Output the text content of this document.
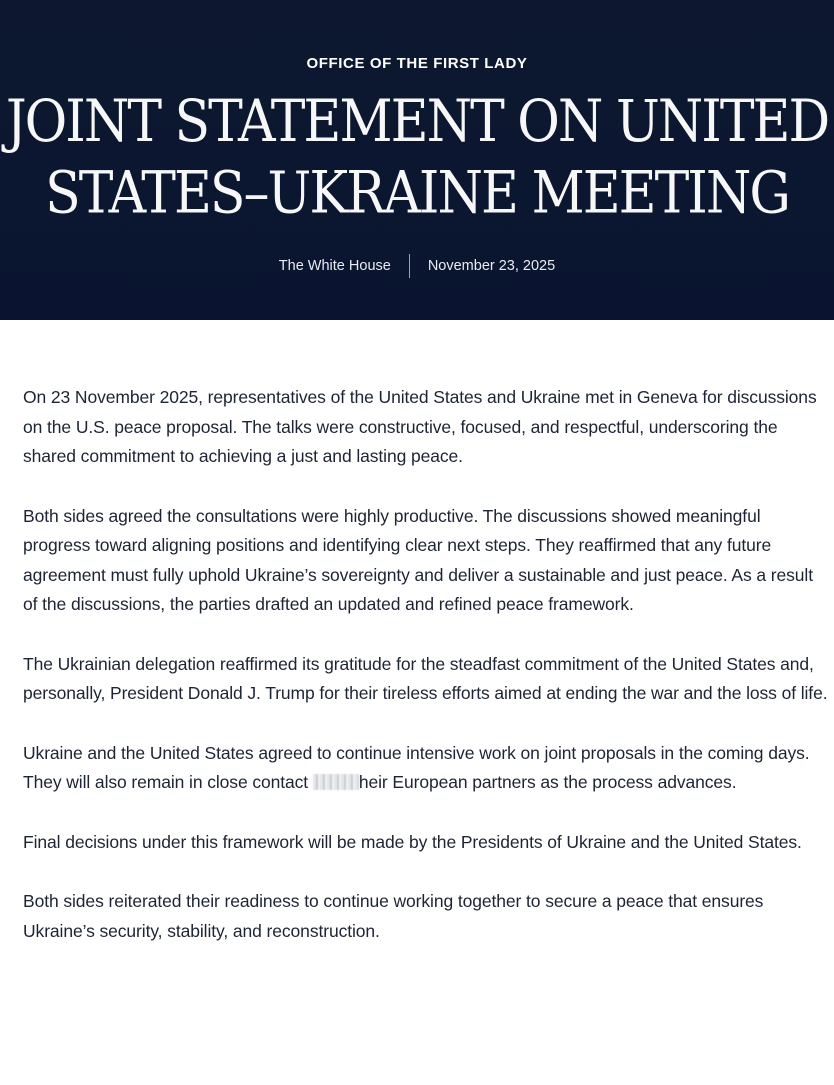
OFFICE OF THE FIRST LADY
JOINT STATEMENT ON UNITED
STATES–UKRAINE MEETING
The White House	November 23, 2025

On 23 November 2025, representatives of the United States and Ukraine met in Geneva for discussions on the U.S. peace proposal. The talks were constructive, focused, and respectful, underscoring the shared commitment to achieving a just and lasting peace.

Both sides agreed the consultations were highly productive. The discussions showed meaningful progress toward aligning positions and identifying clear next steps. They reaffirmed that any future agreement must fully uphold Ukraine’s sovereignty and deliver a sustainable and just peace. As a result of the discussions, the parties drafted an updated and refined peace framework.

The Ukrainian delegation reaffirmed its gratitude for the steadfast commitment of the United States and, personally, President Donald J. Trump for their tireless efforts aimed at ending the war and the loss of life.

Ukraine and the United States agreed to continue intensive work on joint proposals in the coming days. They will also remain in close contact	heir European partners as the process advances.

Final decisions under this framework will be made by the Presidents of Ukraine and the United States.

Both sides reiterated their readiness to continue working together to secure a peace that ensures Ukraine’s security, stability, and reconstruction.
